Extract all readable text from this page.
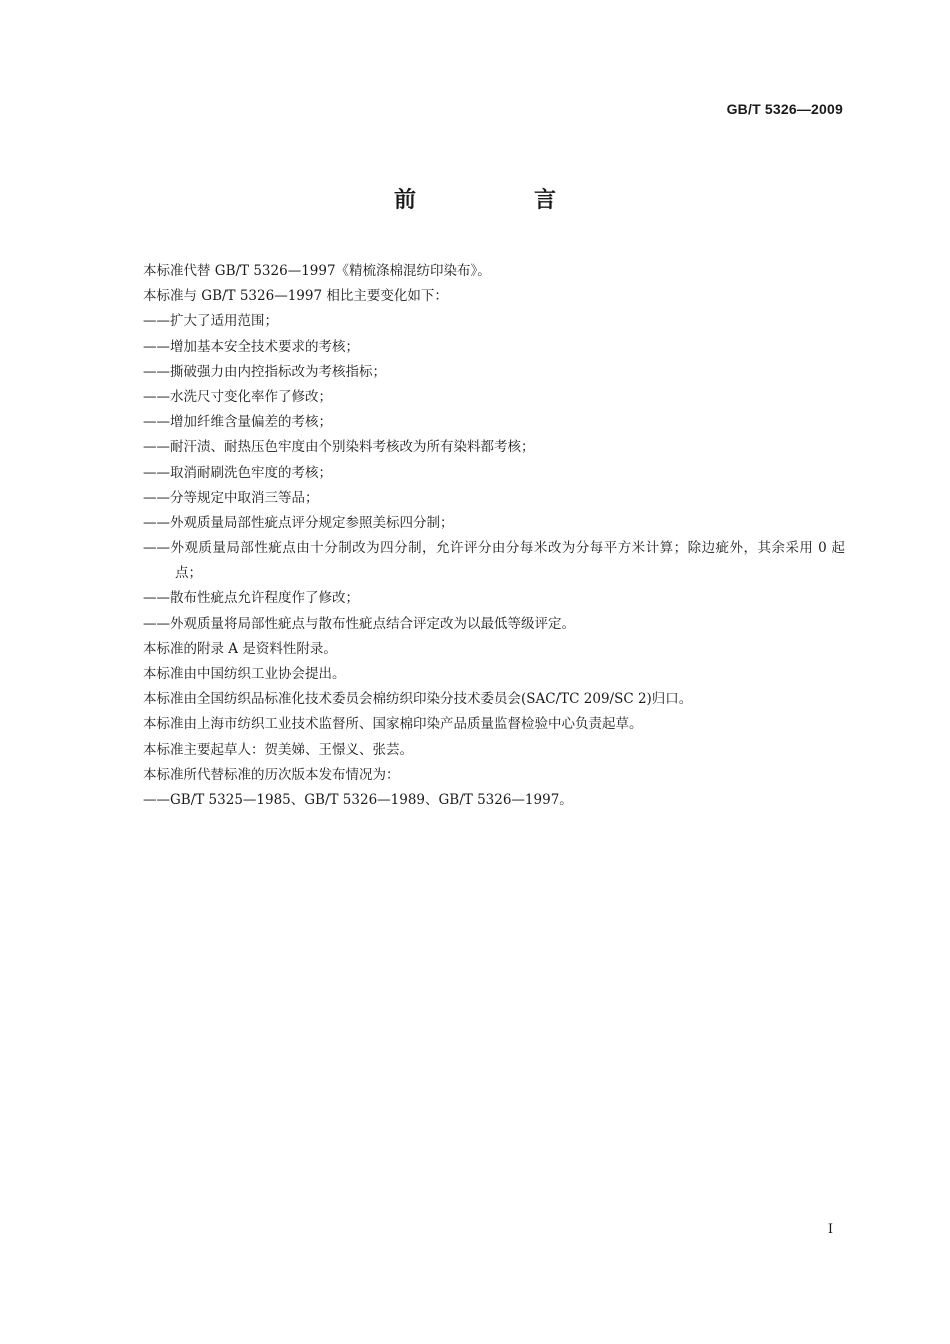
GB/T 5326—2009
前　言
本标准代替 GB/T 5326—1997《精梳涤棉混纺印染布》。
本标准与 GB/T 5326—1997 相比主要变化如下：
——扩大了适用范围；
——增加基本安全技术要求的考核；
——撕破强力由内控指标改为考核指标；
——水洗尺寸变化率作了修改；
——增加纤维含量偏差的考核；
——耐汗渍、耐热压色牢度由个别染料考核改为所有染料都考核；
——取消耐刷洗色牢度的考核；
——分等规定中取消三等品；
——外观质量局部性疵点评分规定参照美标四分制；
——外观质量局部性疵点由十分制改为四分制，允许评分由分每米改为分每平方米计算；除边疵外，其余采用 0 起点；
——散布性疵点允许程度作了修改；
——外观质量将局部性疵点与散布性疵点结合评定改为以最低等级评定。
本标准的附录 A 是资料性附录。
本标准由中国纺织工业协会提出。
本标准由全国纺织品标准化技术委员会棉纺织印染分技术委员会(SAC/TC 209/SC 2)归口。
本标准由上海市纺织工业技术监督所、国家棉印染产品质量监督检验中心负责起草。
本标准主要起草人：贺美娣、王憬义、张芸。
本标准所代替标准的历次版本发布情况为：
——GB/T 5325—1985、GB/T 5326—1989、GB/T 5326—1997。
I
